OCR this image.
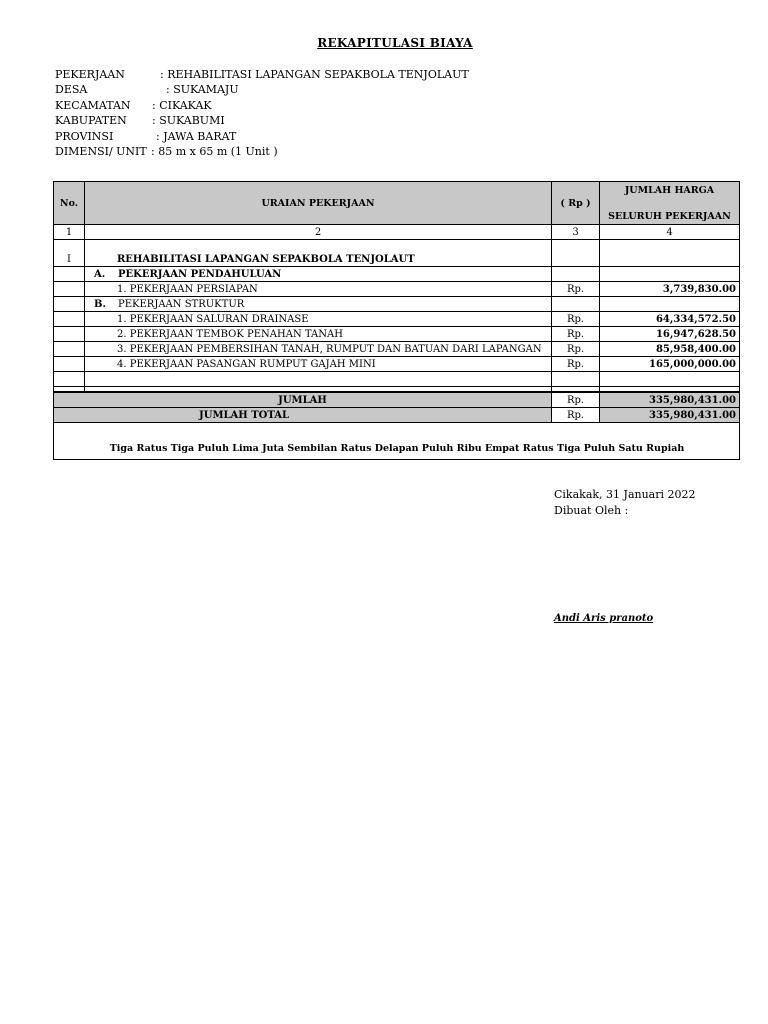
REKAPITULASI BIAYA
PEKERJAAN	: REHABILITASI LAPANGAN SEPAKBOLA TENJOLAUT
DESA	: SUKAMAJU
KECAMATAN : CIKAKAK
KABUPATEN : SUKABUMI
PROVINSI	: JAWA BARAT
DIMENSI/ UNIT : 85 m x 65 m (1 Unit )
No.	URAIAN PEKERJAAN	( Rp )	JUMLAH HARGA
SELURUH PEKERJAAN

1	2	3	4
I	REHABILITASI LAPANGAN SEPAKBOLA TENJOLAUT		
	A. PEKERJAAN PENDAHULUAN		
	1. PEKERJAAN PERSIAPAN	Rp.	3,739,830.00
	B. PEKERJAAN STRUKTUR		
	1. PEKERJAAN SALURAN DRAINASE	Rp.	64,334,572.50
	2. PEKERJAAN TEMBOK PENAHAN TANAH	Rp.	16,947,628.50
	3. PEKERJAAN PEMBERSIHAN TANAH, RUMPUT DAN BATUAN DARI LAPANGAN	Rp.	85,958,400.00
	4. PEKERJAAN PASANGAN RUMPUT GAJAH MINI	Rp.	165,000,000.00

JUMLAH		Rp.	335,980,431.00
JUMLAH TOTAL		Rp.	335,980,431.00

Tiga Ratus Tiga Puluh Lima Juta Sembilan Ratus Delapan Puluh Ribu Empat Ratus Tiga Puluh Satu Rupiah
Cikakak, 31 Januari 2022
Dibuat Oleh :
Andi Aris pranoto
